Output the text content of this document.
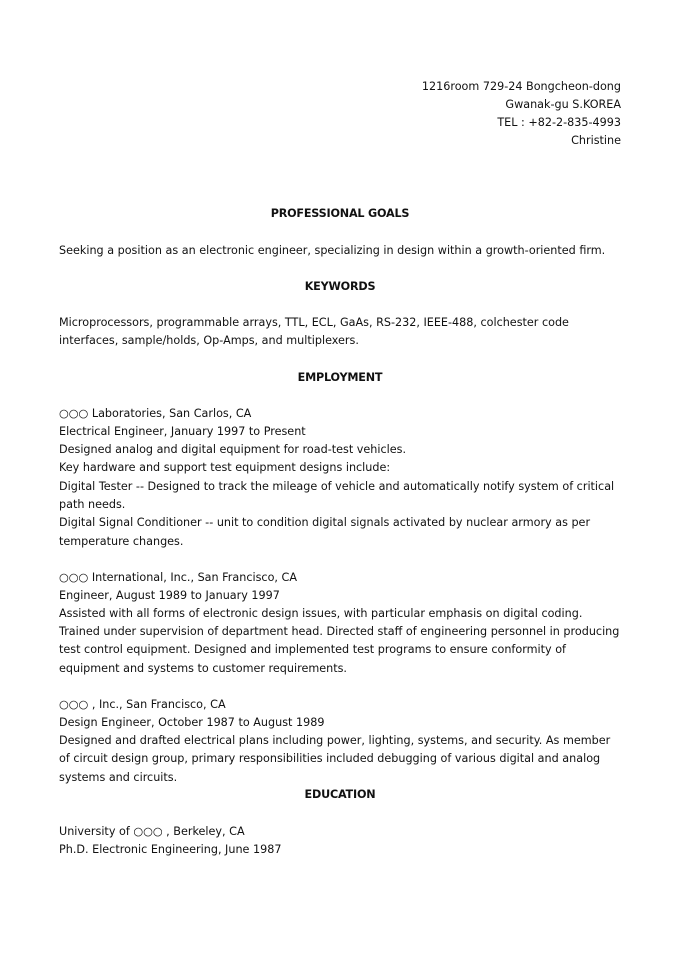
1216room 729-24 Bongcheon-dong
Gwanak-gu S.KOREA
TEL : +82-2-835-4993
Christine
PROFESSIONAL GOALS
Seeking a position as an electronic engineer, specializing in design within a growth-oriented firm.
KEYWORDS
Microprocessors, programmable arrays, TTL, ECL, GaAs, RS-232, IEEE-488, colchester code
interfaces, sample/holds, Op-Amps, and multiplexers.
EMPLOYMENT
○○○ Laboratories, San Carlos, CA
Electrical Engineer, January 1997 to Present
Designed analog and digital equipment for road-test vehicles.
Key hardware and support test equipment designs include:
Digital Tester -- Designed to track the mileage of vehicle and automatically notify system of critical
path needs.
Digital Signal Conditioner -- unit to condition digital signals activated by nuclear armory as per
temperature changes.
○○○ International, Inc., San Francisco, CA
Engineer, August 1989 to January 1997
Assisted with all forms of electronic design issues, with particular emphasis on digital coding.
Trained under supervision of department head. Directed staff of engineering personnel in producing
test control equipment. Designed and implemented test programs to ensure conformity of
equipment and systems to customer requirements.
○○○ , Inc., San Francisco, CA
Design Engineer, October 1987 to August 1989
Designed and drafted electrical plans including power, lighting, systems, and security. As member
of circuit design group, primary responsibilities included debugging of various digital and analog
systems and circuits.
EDUCATION
University of ○○○ , Berkeley, CA
Ph.D. Electronic Engineering, June 1987
